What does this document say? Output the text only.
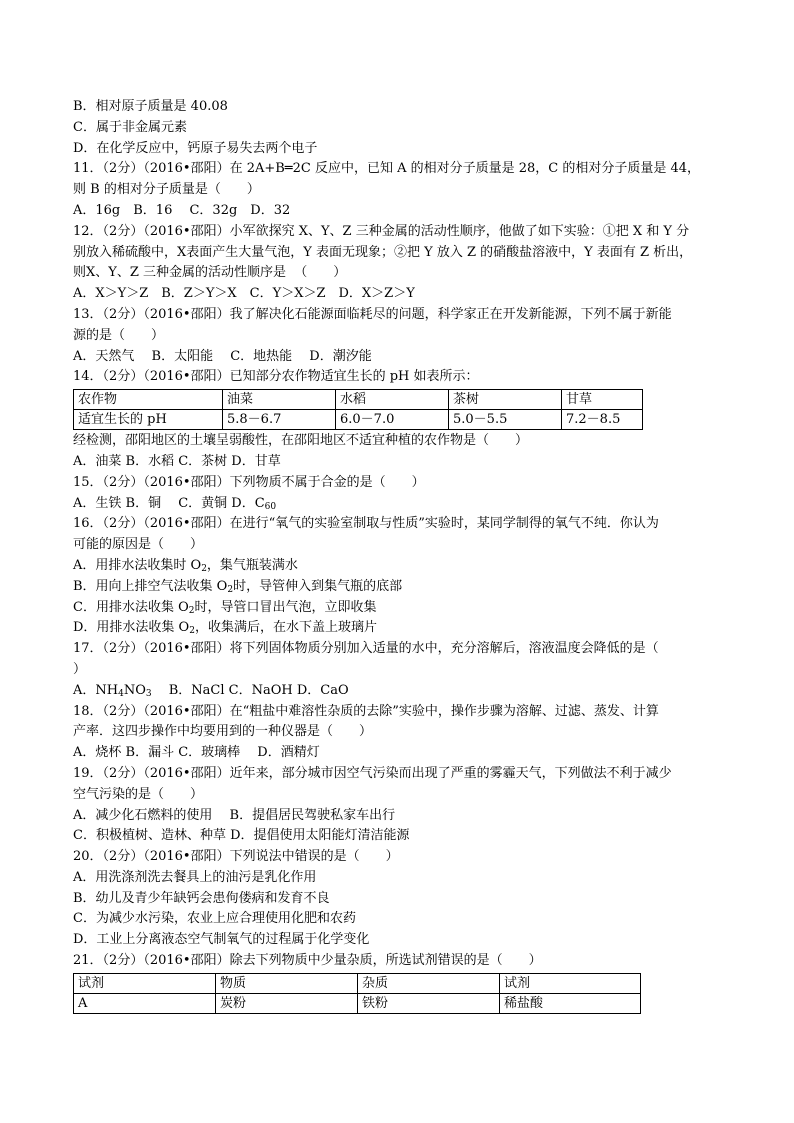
B．相对原子质量是 40.08
C．属于非金属元素
D．在化学反应中，钙原子易失去两个电子
11．（2分）（2016•邵阳）在 2A+B═2C 反应中，已知 A 的相对分子质量是 28，C 的相对分子质量是 44，
则 B 的相对分子质量是（　　）
A．16g　B．16　 C．32g　D．32
12．（2分）（2016•邵阳）小军欲探究 X、Y、Z 三种金属的活动性顺序，他做了如下实验：①把 X 和 Y 分
别放入稀硫酸中，X表面产生大量气泡，Y 表面无现象；②把 Y 放入 Z 的硝酸盐溶液中，Y 表面有 Z 析出，
则X、Y、Z 三种金属的活动性顺序是  （　　）
A．X＞Y＞Z　B．Z＞Y＞X　C．Y＞X＞Z　D．X＞Z＞Y
13．（2分）（2016•邵阳）我了解决化石能源面临耗尽的问题，科学家正在开发新能源，下列不属于新能
源的是（　　）
A．天然气　 B．太阳能　 C．地热能　 D．潮汐能
14．（2分）（2016•邵阳）已知部分农作物适宜生长的 pH 如表所示：
农作物	油菜	水稻	茶树	甘草
适宜生长的 pH	5.8－6.7	6.0－7.0	5.0－5.5	7.2－8.5
经检测，邵阳地区的土壤呈弱酸性，在邵阳地区不适宜种植的农作物是（　　）
A．油菜 B．水稻 C．茶树 D．甘草
15．（2分）（2016•邵阳）下列物质不属于合金的是（　　）
A．生铁 B．铜　 C．黄铜 D．$C_{60}$
16．（2分）（2016•邵阳）在进行“氧气的实验室制取与性质”实验时，某同学制得的氧气不纯．你认为
可能的原因是（　　）
A．用排水法收集时 $O_2$，集气瓶装满水
B．用向上排空气法收集 $O_2$时，导管伸入到集气瓶的底部
C．用排水法收集 $O_2$时，导管口冒出气泡，立即收集
D．用排水法收集 $O_2$，收集满后，在水下盖上玻璃片
17．（2分）（2016•邵阳）将下列固体物质分别加入适量的水中，充分溶解后，溶液温度会降低的是（
）
A．$NH_4NO_3$　 B．NaCl C．NaOH D．CaO
18．（2分）（2016•邵阳）在“粗盐中难溶性杂质的去除”实验中，操作步骤为溶解、过滤、蒸发、计算
产率．这四步操作中均要用到的一种仪器是（　　）
A．烧杯 B．漏斗 C．玻璃棒　 D．酒精灯
19．（2分）（2016•邵阳）近年来，部分城市因空气污染而出现了严重的雾霾天气，下列做法不利于减少
空气污染的是（　　）
A．减少化石燃料的使用　 B．提倡居民驾驶私家车出行
C．积极植树、造林、种草 D．提倡使用太阳能灯清洁能源
20．（2分）（2016•邵阳）下列说法中错误的是（　　）
A．用洗涤剂洗去餐具上的油污是乳化作用
B．幼儿及青少年缺钙会患佝偻病和发育不良
C．为减少水污染，农业上应合理使用化肥和农药
D．工业上分离液态空气制氧气的过程属于化学变化
21．（2分）（2016•邵阳）除去下列物质中少量杂质，所选试剂错误的是（　　）
试剂	物质	杂质	试剂
A	炭粉	铁粉	稀盐酸
